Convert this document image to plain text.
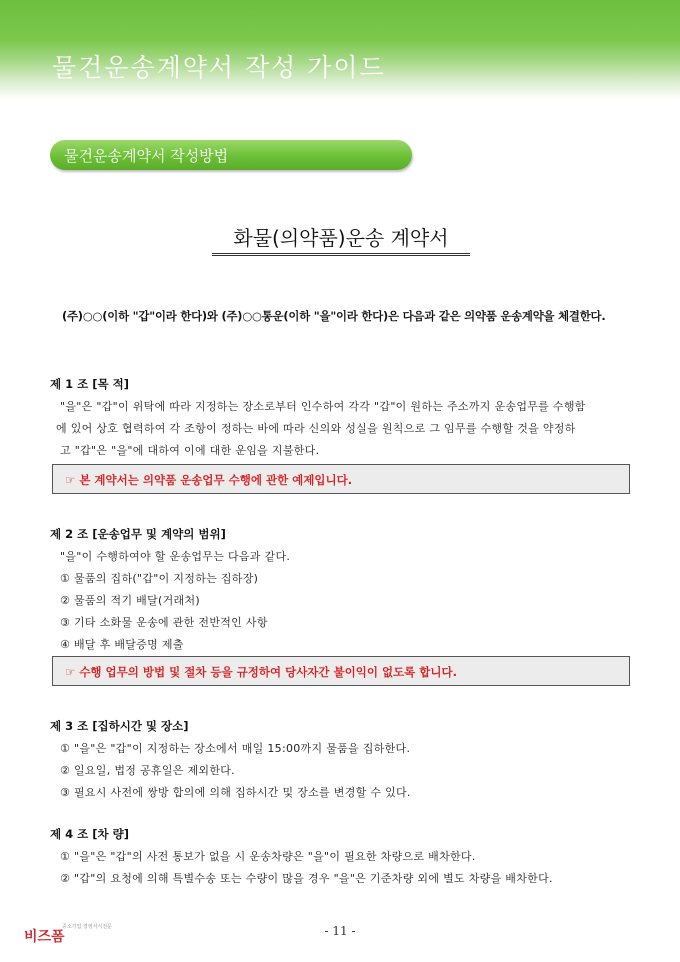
물건운송계약서 작성 가이드
물건운송계약서 작성방법
화물(의약품)운송 계약서
(주)○○(이하 "갑"이라 한다)와 (주)○○통운(이하 "을"이라 한다)은 다음과 같은 의약품 운송계약을 체결한다.
제 1 조 [목 적]
"을"은 "갑"이 위탁에 따라 지정하는 장소로부터 인수하여 각각 "갑"이 원하는 주소까지 운송업무를 수행함
에 있어 상호 협력하여 각 조항이 정하는 바에 따라 신의와 성실을 원칙으로 그 임무를 수행할 것을 약정하
고 "갑"은 "을"에 대하여 이에 대한 운임을 지불한다.
☞ 본 계약서는 의약품 운송업무 수행에 관한 예제입니다.
제 2 조 [운송업무 및 계약의 범위]
"을"이 수행하여야 할 운송업무는 다음과 같다.
① 물품의 집하("갑"이 지정하는 집하장)
② 물품의 적기 배달(거래처)
③ 기타 소화물 운송에 관한 전반적인 사항
④ 배달 후 배달증명 제출
☞ 수행 업무의 방법 및 절차 등을 규정하여 당사자간 불이익이 없도록 합니다.
제 3 조 [집하시간 및 장소]
① "을"은 "갑"이 지정하는 장소에서 매일 15:00까지 물품을 집하한다.
② 일요일, 법정 공휴일은 제외한다.
③ 필요시 사전에 쌍방 합의에 의해 집하시간 및 장소를 변경할 수 있다.
제 4 조 [차 량]
① "을"은 "갑"의 사전 통보가 없을 시 운송차량은 "을"이 필요한 차량으로 배차한다.
② "갑"의 요청에 의해 특별수송 또는 수량이 많을 경우 "을"은 기준차량 외에 별도 차량을 배차한다.
비즈폼
중소기업 경영서식전문	- 11 -
